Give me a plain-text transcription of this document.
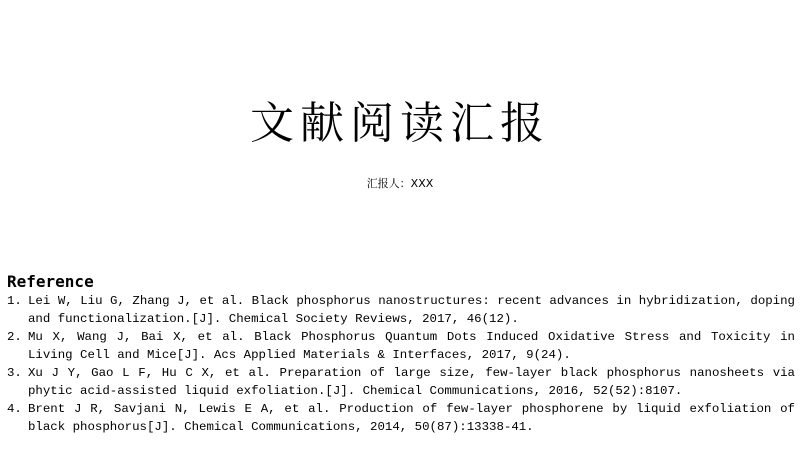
文献阅读汇报
汇报人：XXX
Reference
1. Lei W, Liu G, Zhang J, et al. Black phosphorus nanostructures: recent advances in hybridization, doping and functionalization.[J]. Chemical Society Reviews, 2017, 46(12).
2. Mu X, Wang J, Bai X, et al. Black Phosphorus Quantum Dots Induced Oxidative Stress and Toxicity in Living Cell and Mice[J]. Acs Applied Materials & Interfaces, 2017, 9(24).
3. Xu J Y, Gao L F, Hu C X, et al. Preparation of large size, few-layer black phosphorus nanosheets via phytic acid-assisted liquid exfoliation.[J]. Chemical Communications, 2016, 52(52):8107.
4. Brent J R, Savjani N, Lewis E A, et al. Production of few-layer phosphorene by liquid exfoliation of black phosphorus[J]. Chemical Communications, 2014, 50(87):13338-41.
